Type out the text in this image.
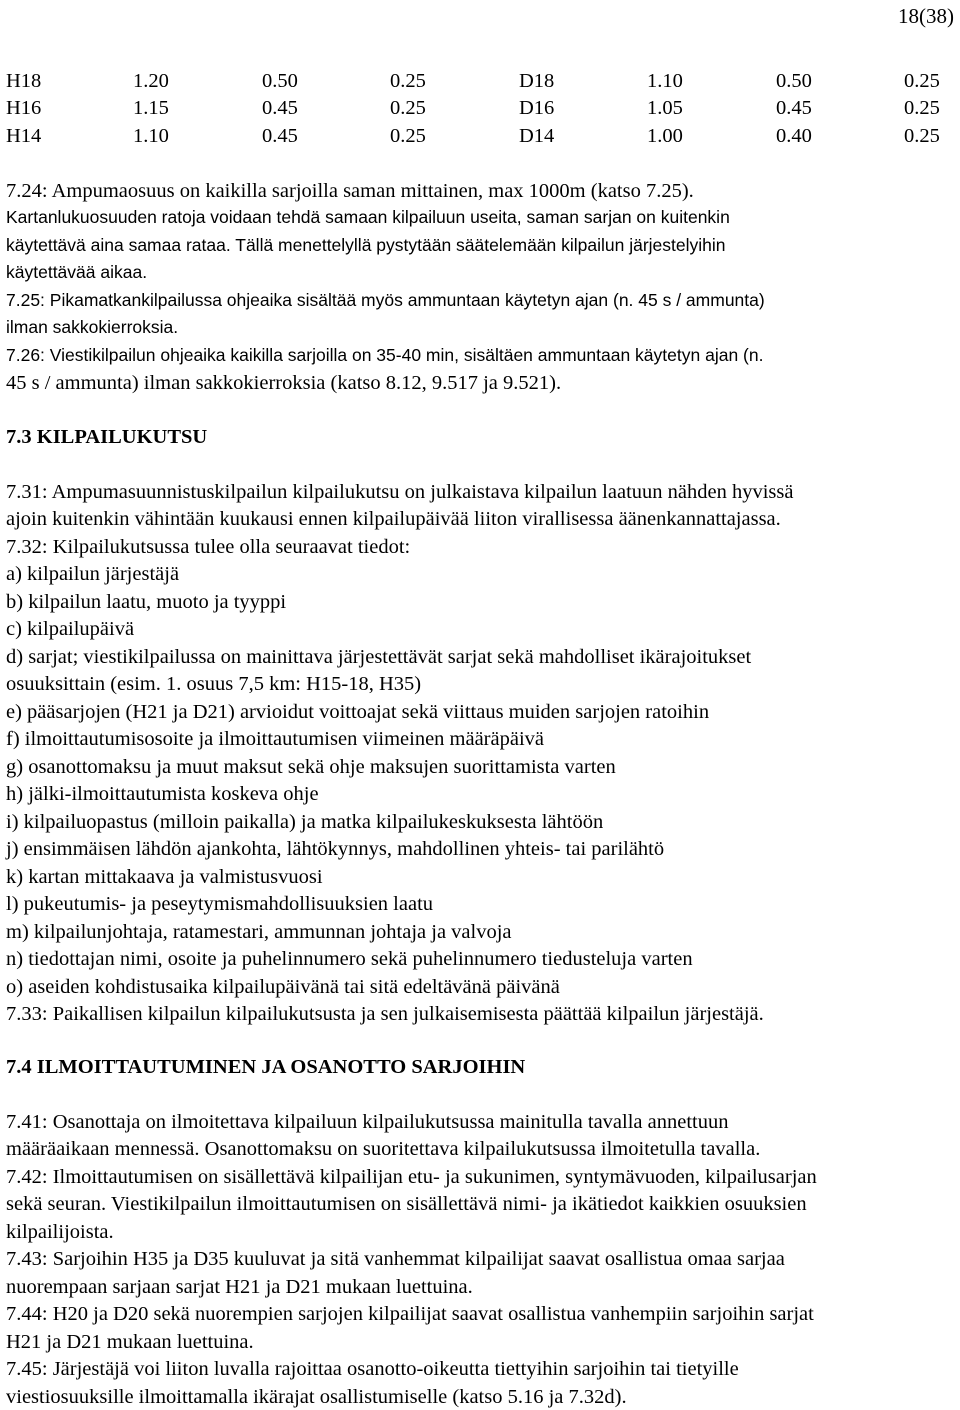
18(38)
H18	1.20	0.50	0.25	D18	1.10	0.50	0.25
H16	1.15	0.45	0.25	D16	1.05	0.45	0.25
H14	1.10	0.45	0.25	D14	1.00	0.40	0.25
7.24: Ampumaosuus on kaikilla sarjoilla saman mittainen, max 1000m (katso 7.25).
Kartanlukuosuuden ratoja voidaan tehdä samaan kilpailuun useita, saman sarjan on kuitenkin
käytettävä aina samaa rataa. Tällä menettelyllä pystytään säätelemään kilpailun järjestelyihin
käytettävää aikaa.
7.25: Pikamatkankilpailussa ohjeaika sisältää myös ammuntaan käytetyn ajan (n. 45 s / ammunta)
ilman sakkokierroksia.
7.26: Viestikilpailun ohjeaika kaikilla sarjoilla on 35-40 min, sisältäen ammuntaan käytetyn ajan (n.
45 s / ammunta) ilman sakkokierroksia (katso 8.12, 9.517 ja 9.521).
7.3 KILPAILUKUTSU
7.31: Ampumasuunnistuskilpailun kilpailukutsu on julkaistava kilpailun laatuun nähden hyvissä
ajoin kuitenkin vähintään kuukausi ennen kilpailupäivää liiton virallisessa äänenkannattajassa.
7.32: Kilpailukutsussa tulee olla seuraavat tiedot:
a) kilpailun järjestäjä
b) kilpailun laatu, muoto ja tyyppi
c) kilpailupäivä
d) sarjat; viestikilpailussa on mainittava järjestettävät sarjat sekä mahdolliset ikärajoitukset
osuuksittain (esim. 1. osuus 7,5 km: H15-18, H35)
e) pääsarjojen (H21 ja D21) arvioidut voittoajat sekä viittaus muiden sarjojen ratoihin
f) ilmoittautumisosoite ja ilmoittautumisen viimeinen määräpäivä
g) osanottomaksu ja muut maksut sekä ohje maksujen suorittamista varten
h) jälki-ilmoittautumista koskeva ohje
i) kilpailuopastus (milloin paikalla) ja matka kilpailukeskuksesta lähtöön
j) ensimmäisen lähdön ajankohta, lähtökynnys, mahdollinen yhteis- tai parilähtö
k) kartan mittakaava ja valmistusvuosi
l) pukeutumis- ja peseytymismahdollisuuksien laatu
m) kilpailunjohtaja, ratamestari, ammunnan johtaja ja valvoja
n) tiedottajan nimi, osoite ja puhelinnumero sekä puhelinnumero tiedusteluja varten
o) aseiden kohdistusaika kilpailupäivänä tai sitä edeltävänä päivänä
7.33: Paikallisen kilpailun kilpailukutsusta ja sen julkaisemisesta päättää kilpailun järjestäjä.
7.4 ILMOITTAUTUMINEN JA OSANOTTO SARJOIHIN
7.41: Osanottaja on ilmoitettava kilpailuun kilpailukutsussa mainitulla tavalla annettuun
määräaikaan mennessä. Osanottomaksu on suoritettava kilpailukutsussa ilmoitetulla tavalla.
7.42: Ilmoittautumisen on sisällettävä kilpailijan etu- ja sukunimen, syntymävuoden, kilpailusarjan
sekä seuran. Viestikilpailun ilmoittautumisen on sisällettävä nimi- ja ikätiedot kaikkien osuuksien
kilpailijoista.
7.43: Sarjoihin H35 ja D35 kuuluvat ja sitä vanhemmat kilpailijat saavat osallistua omaa sarjaa
nuorempaan sarjaan sarjat H21 ja D21 mukaan luettuina.
7.44: H20 ja D20 sekä nuorempien sarjojen kilpailijat saavat osallistua vanhempiin sarjoihin sarjat
H21 ja D21 mukaan luettuina.
7.45: Järjestäjä voi liiton luvalla rajoittaa osanotto-oikeutta tiettyihin sarjoihin tai tietyille
viestiosuuksille ilmoittamalla ikärajat osallistumiselle (katso 5.16 ja 7.32d).
